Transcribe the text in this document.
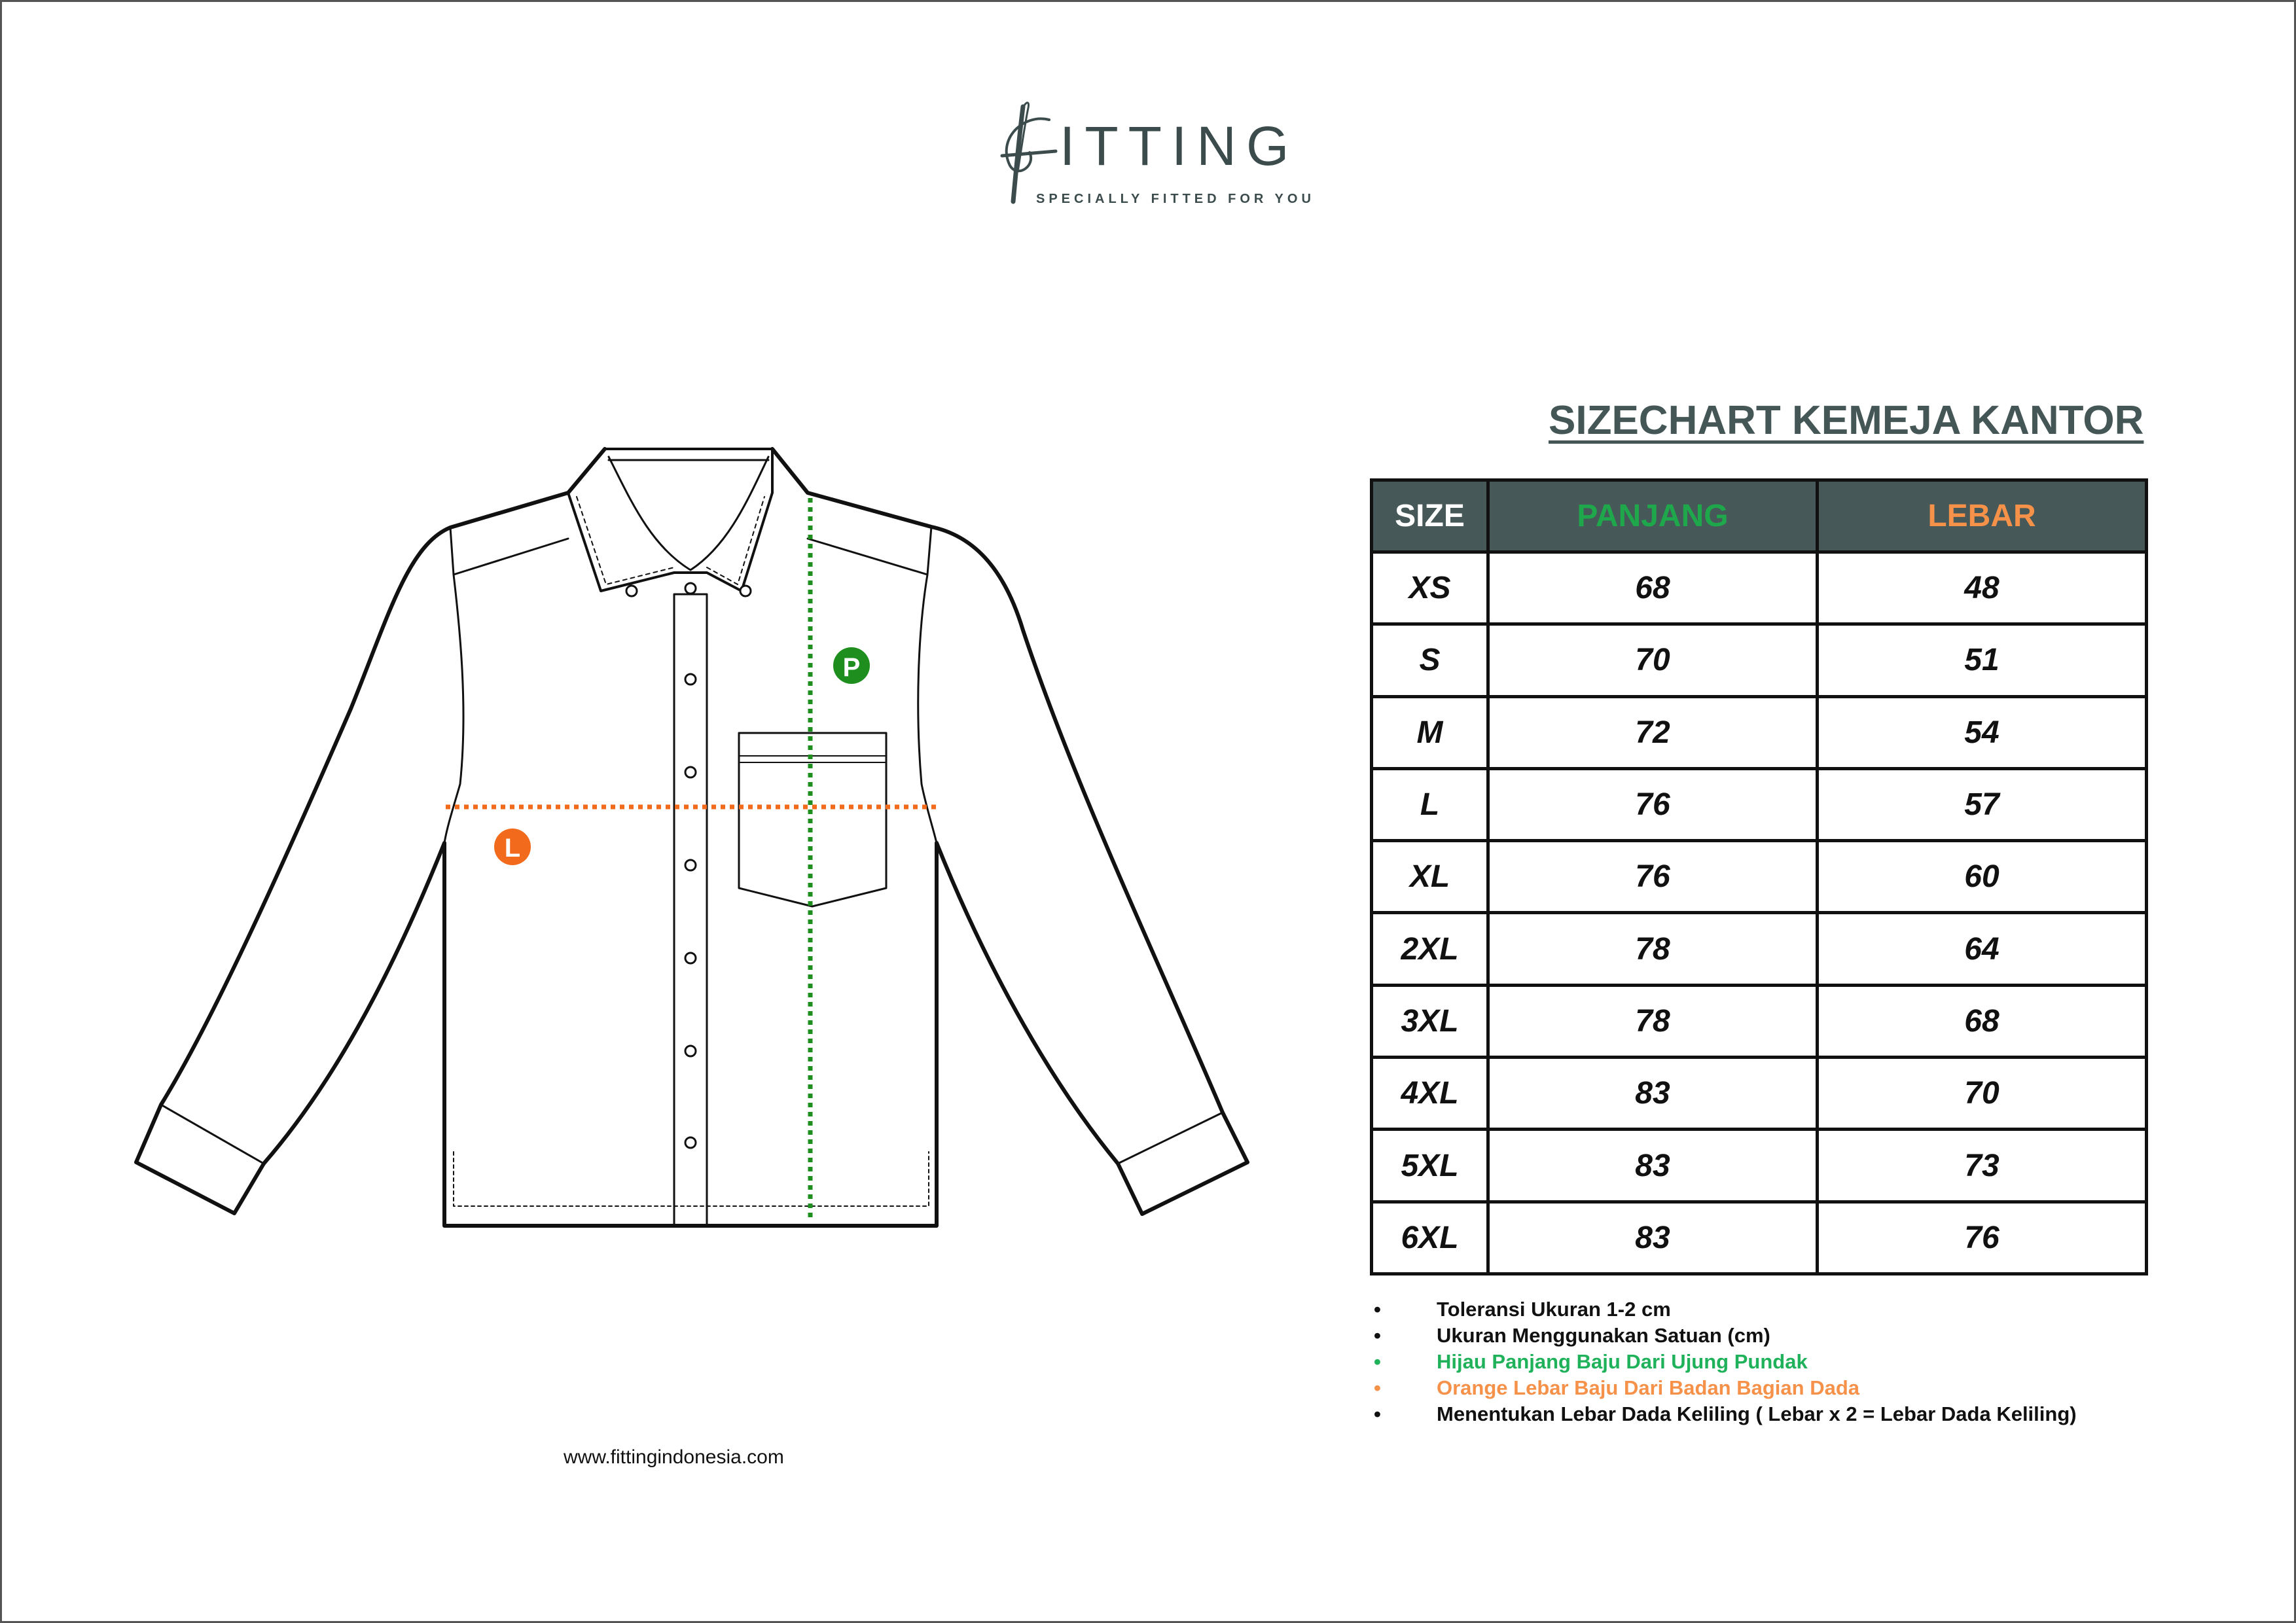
ITTING
SPECIALLY FITTED FOR YOU
P
L
SIZECHART KEMEJA KANTOR
SIZE	PANJANG	LEBAR
XS	68	48
S	70	51
M	72	54
L	76	57
XL	76	60
2XL	78	64
3XL	78	68
4XL	83	70
5XL	83	73
6XL	83	76
•	Toleransi Ukuran 1-2 cm
•	Ukuran Menggunakan Satuan (cm)
•	Hijau Panjang Baju Dari Ujung Pundak
•	Orange Lebar Baju Dari Badan Bagian Dada
•	Menentukan Lebar Dada Keliling ( Lebar x 2 = Lebar Dada Keliling)
www.fittingindonesia.com
